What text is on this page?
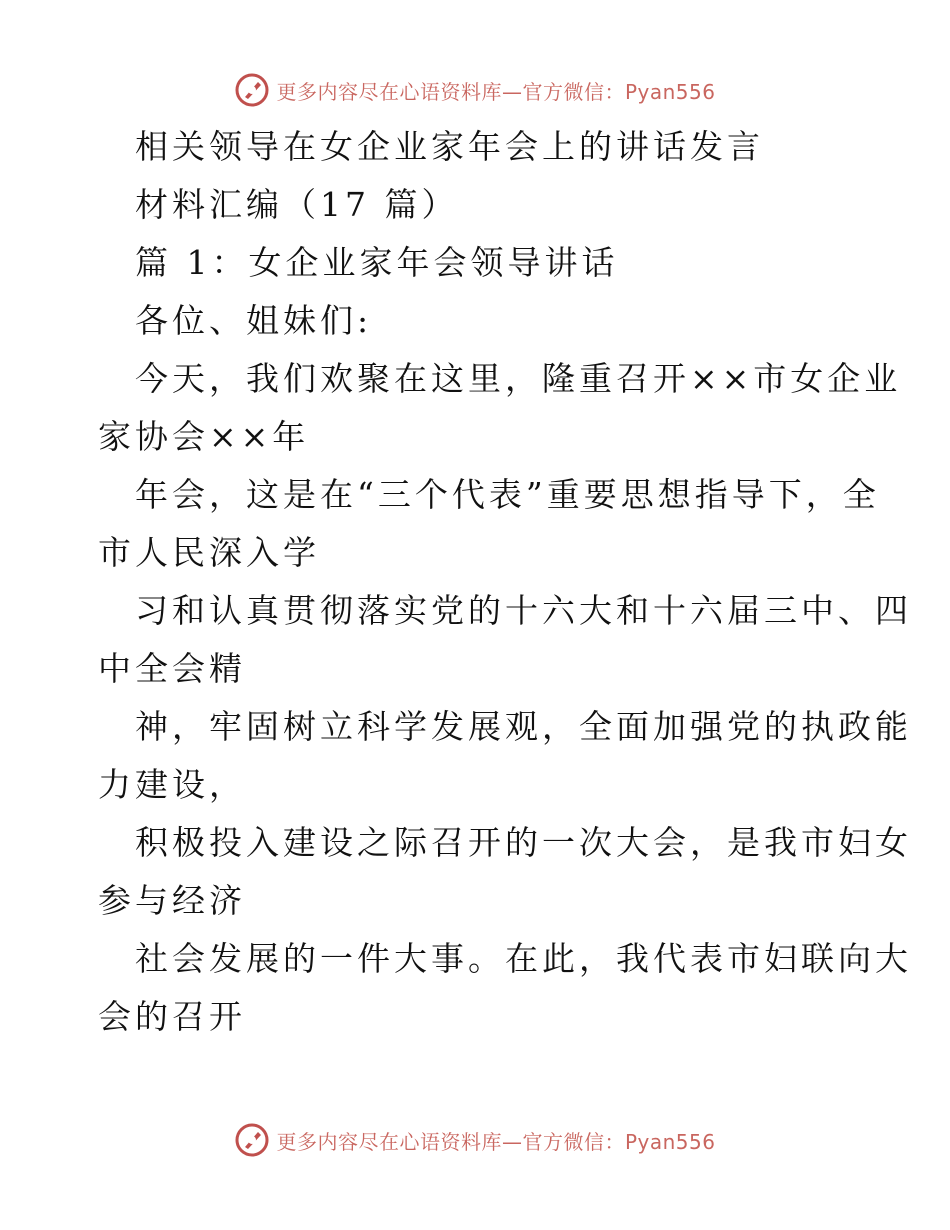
更多内容尽在心语资料库—官方微信：Pyan556
相关领导在女企业家年会上的讲话发言
材料汇编（17 篇）
篇 1：女企业家年会领导讲话
各位、姐妹们:
今天，我们欢聚在这里，隆重召开××市女企业
家协会××年
年会，这是在“三个代表”重要思想指导下，全
市人民深入学
习和认真贯彻落实党的十六大和十六届三中、四
中全会精
神，牢固树立科学发展观，全面加强党的执政能
力建设，
积极投入建设之际召开的一次大会，是我市妇女
参与经济
社会发展的一件大事。在此，我代表市妇联向大
会的召开
更多内容尽在心语资料库—官方微信：Pyan556
